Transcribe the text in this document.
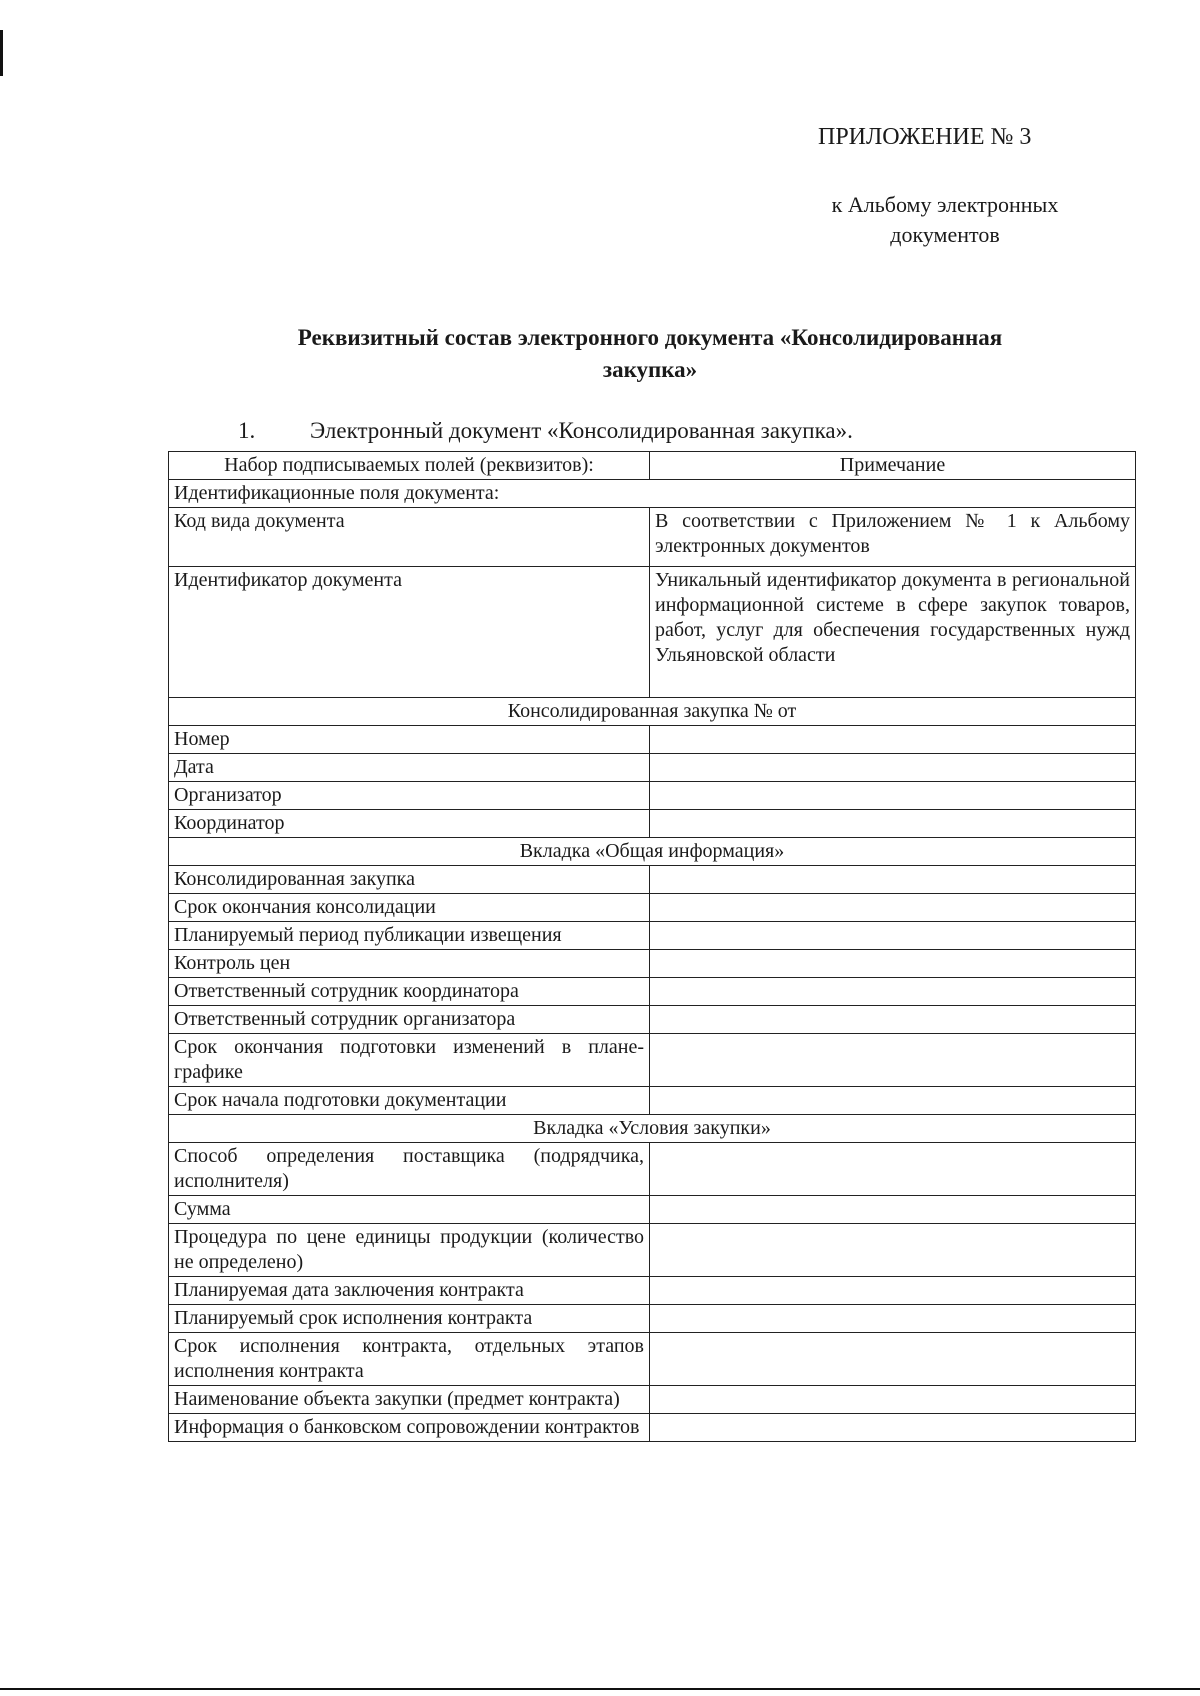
ПРИЛОЖЕНИЕ № 3
к Альбому электронных
документов
Реквизитный состав электронного документа «Консолидированная
закупка»
1. Электронный документ «Консолидированная закупка».
Набор подписываемых полей (реквизитов):	Примечание
Идентификационные поля документа:	
Код вида документа	В соответствии с Приложением № 1 к Альбому электронных документов
Идентификатор документа	Уникальный идентификатор документа в региональной информационной системе в сфере закупок товаров, работ, услуг для обеспечения государственных нужд Ульяновской области
Консолидированная закупка № от	
Номер	
Дата	
Организатор	
Координатор	
Вкладка «Общая информация»	
Консолидированная закупка	
Срок окончания консолидации	
Планируемый период публикации извещения	
Контроль цен	
Ответственный сотрудник координатора	
Ответственный сотрудник организатора	
Срок окончания подготовки изменений в плане-графике	
Срок начала подготовки документации	
Вкладка «Условия закупки»	
Способ определения поставщика (подрядчика, исполнителя)	
Сумма	
Процедура по цене единицы продукции (количество не определено)	
Планируемая дата заключения контракта	
Планируемый срок исполнения контракта	
Срок исполнения контракта, отдельных этапов исполнения контракта	
Наименование объекта закупки (предмет контракта)	
Информация о банковском сопровождении контрактов	
